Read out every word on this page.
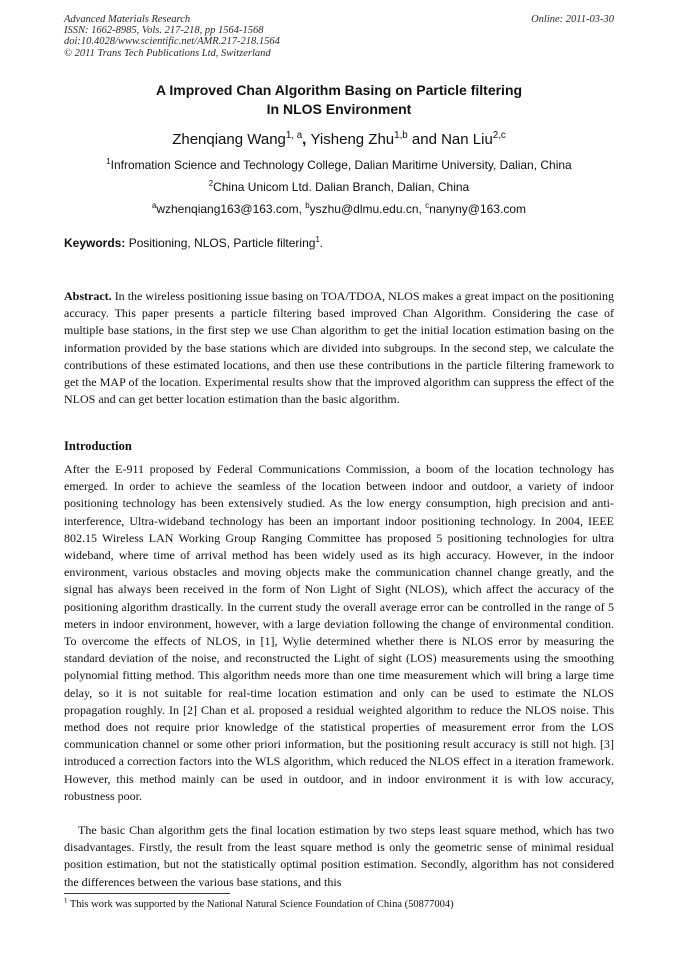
Advanced Materials Research
ISSN: 1662-8985, Vols. 217-218, pp 1564-1568
doi:10.4028/www.scientific.net/AMR.217-218.1564
© 2011 Trans Tech Publications Ltd, Switzerland
Online: 2011-03-30
A Improved Chan Algorithm Basing on Particle filtering
In NLOS Environment
Zhenqiang Wang$^{1, a}$, Yisheng Zhu$^{1,b}$ and Nan Liu$^{2,c}$
$^1$Infromation Science and Technology College, Dalian Maritime University, Dalian, China
$^2$China Unicom Ltd. Dalian Branch, Dalian, China
$^a$wzhenqiang163@163.com, $^b$yszhu@dlmu.edu.cn, $^c$nanyny@163.com
Keywords: Positioning, NLOS, Particle filtering$^1$.

Abstract. In the wireless positioning issue basing on TOA/TDOA, NLOS makes a great impact on the positioning accuracy. This paper presents a particle filtering based improved Chan Algorithm. Considering the case of multiple base stations, in the first step we use Chan algorithm to get the initial location estimation basing on the information provided by the base stations which are divided into subgroups. In the second step, we calculate the contributions of these estimated locations, and then use these contributions in the particle filtering framework to get the MAP of the location. Experimental results show that the improved algorithm can suppress the effect of the NLOS and can get better location estimation than the basic algorithm.

Introduction

After the E-911 proposed by Federal Communications Commission, a boom of the location technology has emerged. In order to achieve the seamless of the location between indoor and outdoor, a variety of indoor positioning technology has been extensively studied. As the low energy consumption, high precision and anti-interference, Ultra-wideband technology has been an important indoor positioning technology. In 2004, IEEE 802.15 Wireless LAN Working Group Ranging Committee has proposed 5 positioning technologies for ultra wideband, where time of arrival method has been widely used as its high accuracy. However, in the indoor environment, various obstacles and moving objects make the communication channel change greatly, and the signal has always been received in the form of Non Light of Sight (NLOS), which affect the accuracy of the positioning algorithm drastically. In the current study the overall average error can be controlled in the range of 5 meters in indoor environment, however, with a large deviation following the change of environmental condition. To overcome the effects of NLOS, in [1], Wylie determined whether there is NLOS error by measuring the standard deviation of the noise, and reconstructed the Light of sight (LOS) measurements using the smoothing polynomial fitting method. This algorithm needs more than one time measurement which will bring a large time delay, so it is not suitable for real-time location estimation and only can be used to estimate the NLOS propagation roughly. In [2] Chan et al. proposed a residual weighted algorithm to reduce the NLOS noise. This method does not require prior knowledge of the statistical properties of measurement error from the LOS communication channel or some other priori information, but the positioning result accuracy is still not high. [3] introduced a correction factors into the WLS algorithm, which reduced the NLOS effect in a iteration framework. However, this method mainly can be used in outdoor, and in indoor environment it is with low accuracy, robustness poor.

The basic Chan algorithm gets the final location estimation by two steps least square method, which has two disadvantages. Firstly, the result from the least square method is only the geometric sense of minimal residual position estimation, but not the statistically optimal position estimation. Secondly, algorithm has not considered the differences between the various base stations, and this

$^1$ This work was supported by the National Natural Science Foundation of China (50877004)
